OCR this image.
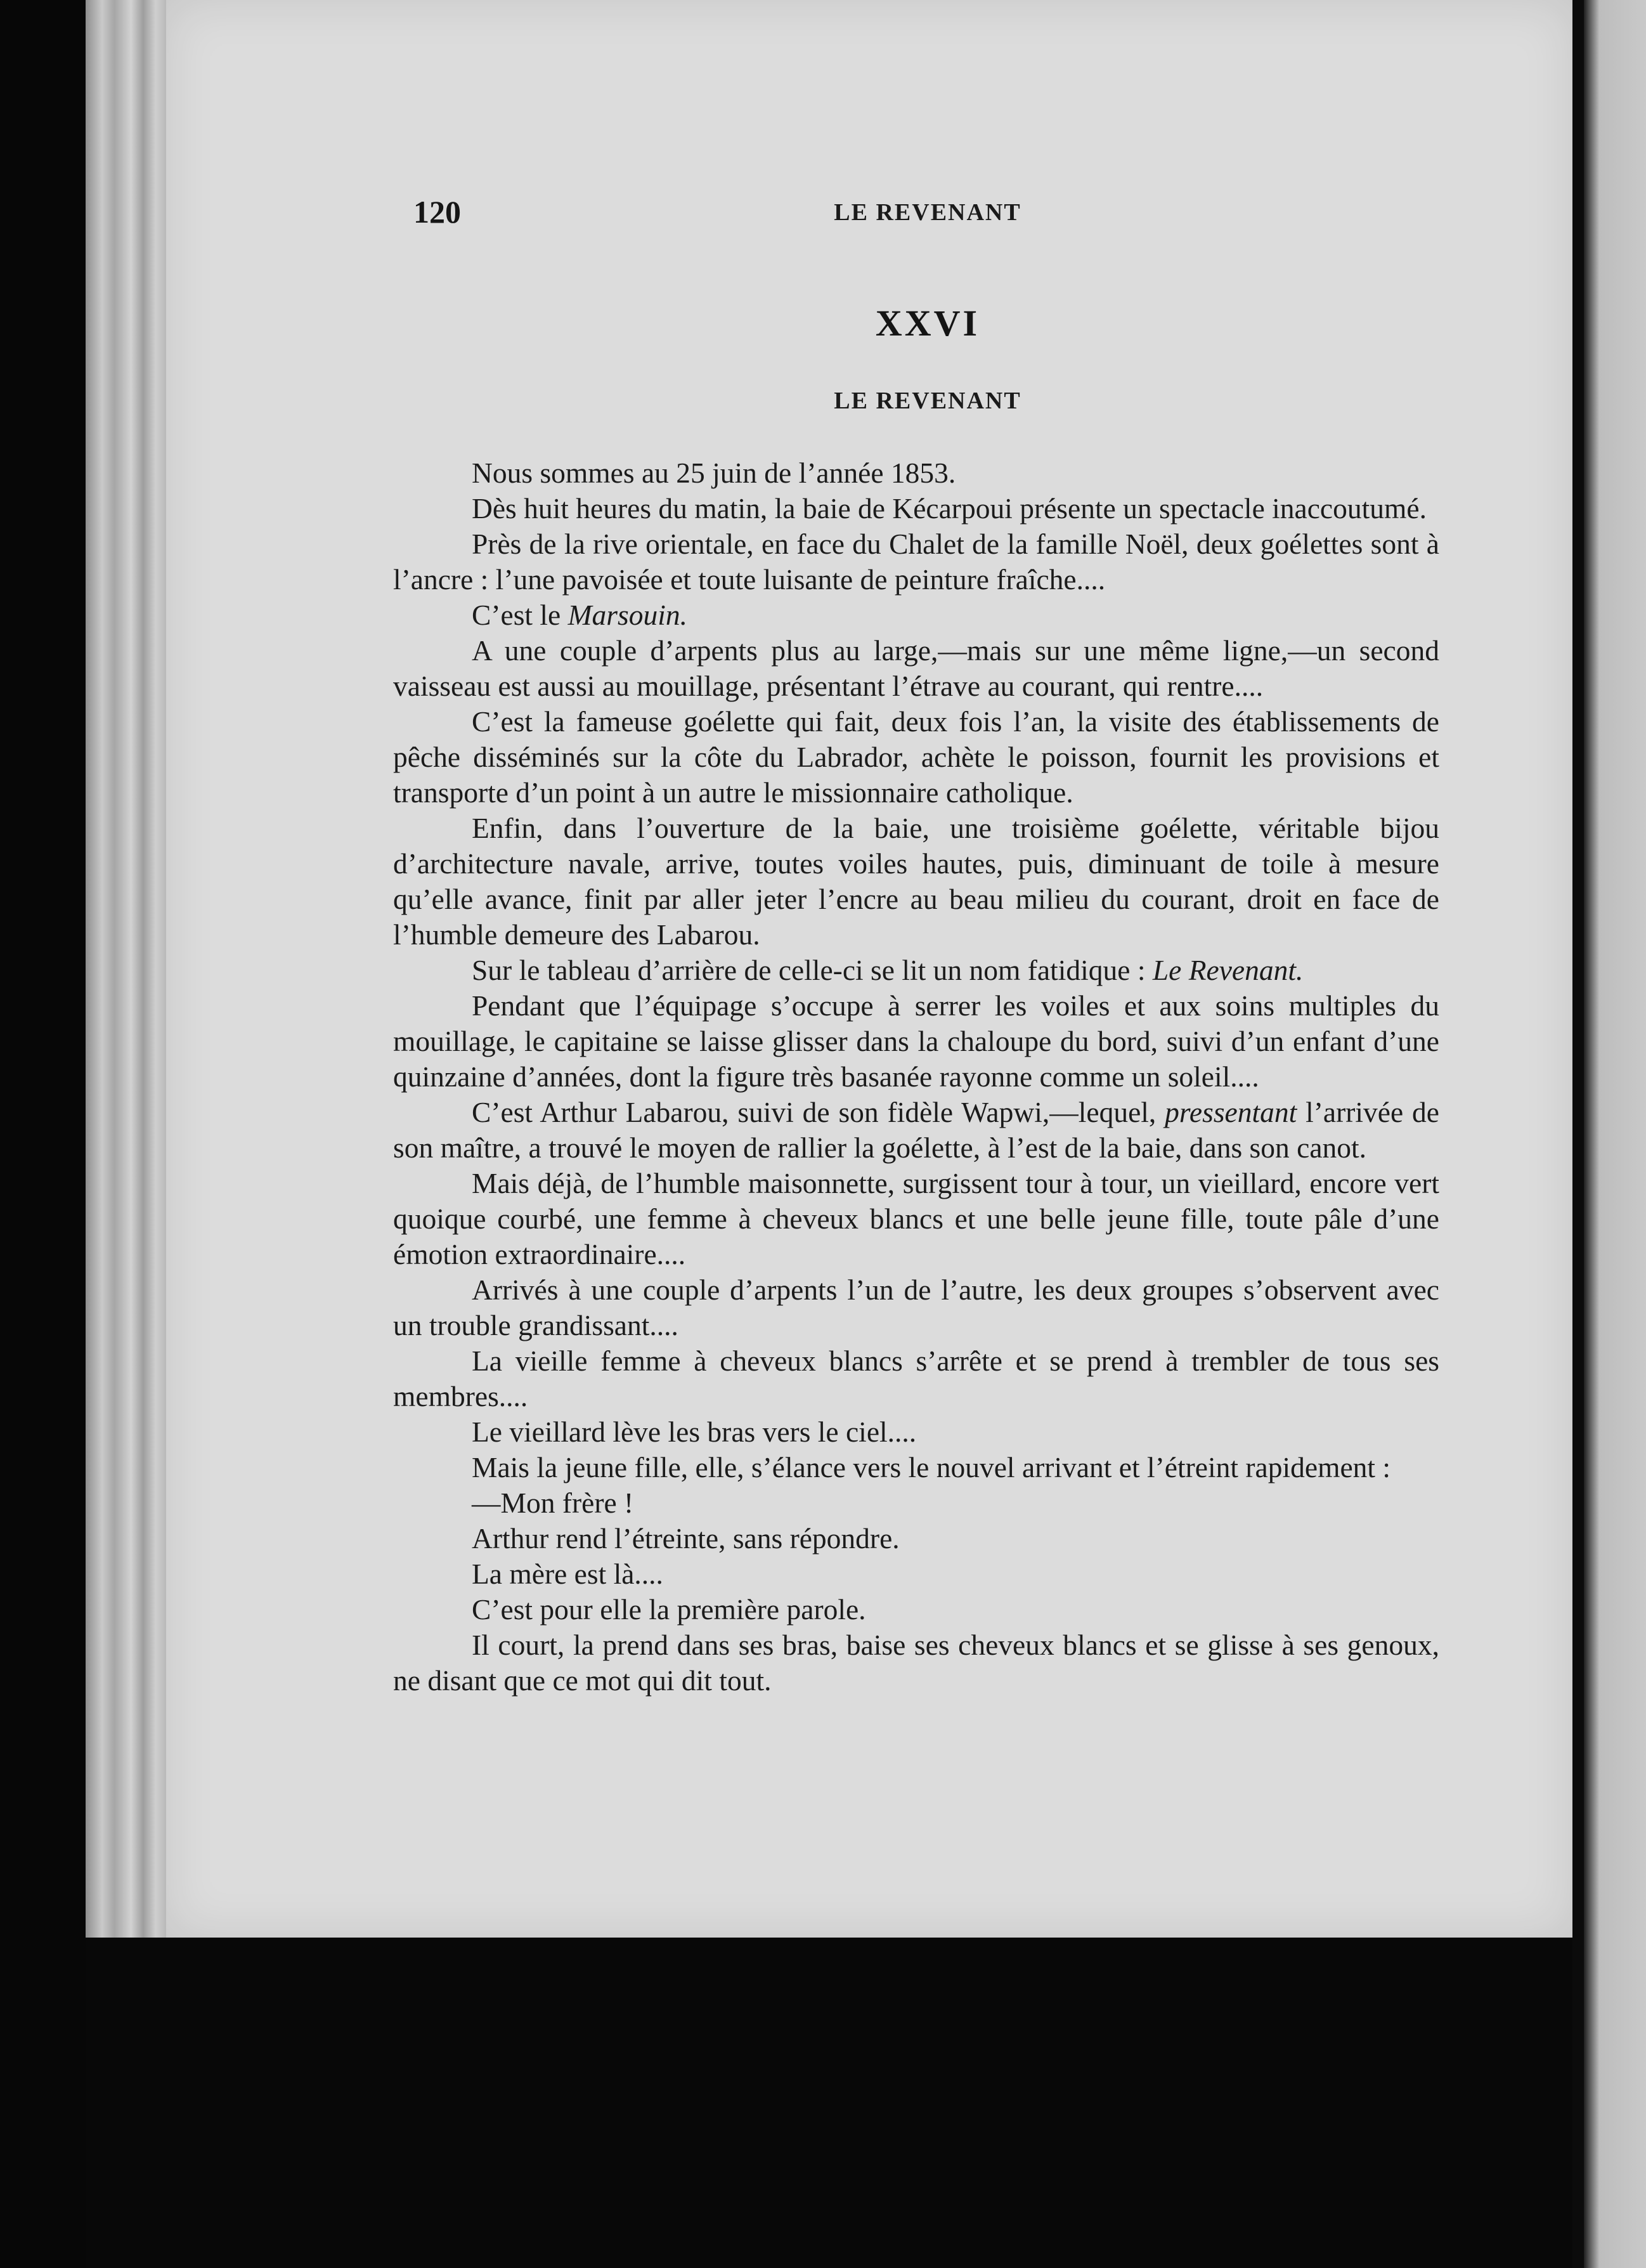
120	LE REVENANT
XXVI
LE REVENANT

Nous sommes au 25 juin de l’année 1853.

Dès huit heures du matin, la baie de Kécarpoui présente un spectacle inaccoutumé.

Près de la rive orientale, en face du Chalet de la famille Noël, deux goélettes sont à l’ancre : l’une pavoisée et toute luisante de peinture fraîche....

C’est le Marsouin.

A une couple d’arpents plus au large,—mais sur une même ligne,—un second vaisseau est aussi au mouillage, présentant l’étrave au courant, qui rentre....

C’est la fameuse goélette qui fait, deux fois l’an, la visite des établissements de pêche disséminés sur la côte du Labrador, achète le poisson, fournit les provisions et transporte d’un point à un autre le missionnaire catholique.

Enfin, dans l’ouverture de la baie, une troisième goélette, véritable bijou d’architecture navale, arrive, toutes voiles hautes, puis, diminuant de toile à mesure qu’elle avance, finit par aller jeter l’encre au beau milieu du courant, droit en face de l’humble demeure des Labarou.

Sur le tableau d’arrière de celle-ci se lit un nom fatidique : Le Revenant.

Pendant que l’équipage s’occupe à serrer les voiles et aux soins multiples du mouillage, le capitaine se laisse glisser dans la chaloupe du bord, suivi d’un enfant d’une quinzaine d’années, dont la figure très basanée rayonne comme un soleil....

C’est Arthur Labarou, suivi de son fidèle Wapwi,—lequel, pressentant l’arrivée de son maître, a trouvé le moyen de rallier la goélette, à l’est de la baie, dans son canot.

Mais déjà, de l’humble maisonnette, surgissent tour à tour, un vieillard, encore vert quoique courbé, une femme à cheveux blancs et une belle jeune fille, toute pâle d’une émotion extraordinaire....

Arrivés à une couple d’arpents l’un de l’autre, les deux groupes s’observent avec un trouble grandissant....

La vieille femme à cheveux blancs s’arrête et se prend à trembler de tous ses membres....

Le vieillard lève les bras vers le ciel....

Mais la jeune fille, elle, s’élance vers le nouvel arrivant et l’étreint rapidement :

—Mon frère !

Arthur rend l’étreinte, sans répondre.

La mère est là....

C’est pour elle la première parole.

Il court, la prend dans ses bras, baise ses cheveux blancs et se glisse à ses genoux, ne disant que ce mot qui dit tout.
